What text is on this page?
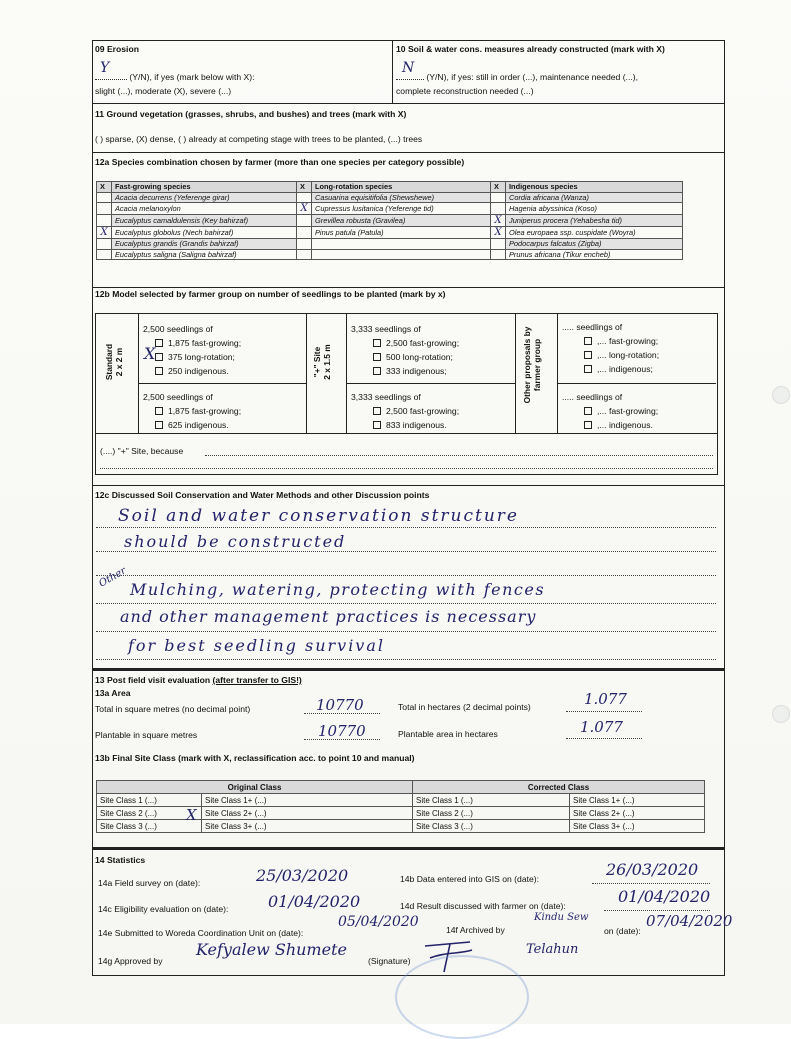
09 Erosion
Y
(Y/N), if yes (mark below with X):
slight (...), moderate (X), severe (...)
10 Soil & water cons. measures already constructed (mark with X)
N
(Y/N), if yes: still in order (...), maintenance needed (...),
complete reconstruction needed (...)
11 Ground vegetation (grasses, shrubs, and bushes) and trees (mark with X)
( ) sparse, (X) dense, ( ) already at competing stage with trees to be planted, (...) trees
12a Species combination chosen by farmer (more than one species per category possible)
X	Fast-growing species	X	Long-rotation species	X	Indigenous species
	Acacia decurrens (Yeferenge girar)		Casuarina equisitifolia (Shewshewe)		Cordia africana (Wanza)
	Acacia melanoxylon	X	Cupressus lusitanica (Yeferenge tid)		Hagenia abyssinica (Koso)
	Eucalyptus camaldulensis (Key bahirzaf)		Grevillea robusta (Gravilea)	X	Juniperus procera (Yehabesha tid)
X	Eucalyptus globolus (Nech bahirzaf)		Pinus patula (Patula)	X	Olea europaea ssp. cuspidate (Woyra)
	Eucalyptus grandis (Grandis bahirzaf)				Podocarpus falcatus (Zigba)
	Eucalyptus saligna (Saligna bahirzaf)				Prunus africana (Tikur encheb)
12b Model selected by farmer group on number of seedlings to be planted (mark by x)
Standard 2 x 2 m	"+" Site 2 x 1.5 m	Other proposals by farmer group
2,500 seedlings of
1,875 fast-growing;
375 long-rotation;
250 indigenous.
X
2,500 seedlings of
1,875 fast-growing;
625 indigenous.
3,333 seedlings of
2,500 fast-growing;
500 long-rotation;
333 indigenous;
3,333 seedlings of
2,500 fast-growing;
833 indigenous.
..... seedlings of
,... fast-growing;
,... long-rotation;
,... indigenous;
..... seedlings of
,... fast-growing;
,... indigenous.
(....) "+" Site, because
12c Discussed Soil Conservation and Water Methods and other Discussion points
Soil and water conservation structure
should be constructed
Other Mulching, watering, protecting with fences
and other management practices is necessary
for best seedling survival
13 Post field visit evaluation (after transfer to GIS!)
13a Area
Total in square metres (no decimal point)	10770	Total in hectares (2 decimal points)	1.077
Plantable in square metres	10770	Plantable area in hectares	1.077
13b Final Site Class (mark with X, reclassification acc. to point 10 and manual)
Original Class		Corrected Class	
Site Class 1 (...)	Site Class 1+ (...)	Site Class 1 (...)	Site Class 1+ (...)
Site Class 2 (...)	Site Class 2+ (...)	Site Class 2 (...)	Site Class 2+ (...)
Site Class 3 (...)	Site Class 3+ (...)	Site Class 3 (...)	Site Class 3+ (...)
X
14 Statistics
14a Field survey on (date):	25/03/2020	14b Data entered into GIS on (date):	26/03/2020
14c Eligibility evaluation on (date): 01/04/2020	14d Result discussed with farmer on (date):	01/04/2020
14e Submitted to Woreda Coordination Unit on (date):
05/04/2020	14f Archived by
Kindu Sew
on (date):
07/04/2020
14g Approved by
Kefyalew Shumete
(Signature)
Telahun
